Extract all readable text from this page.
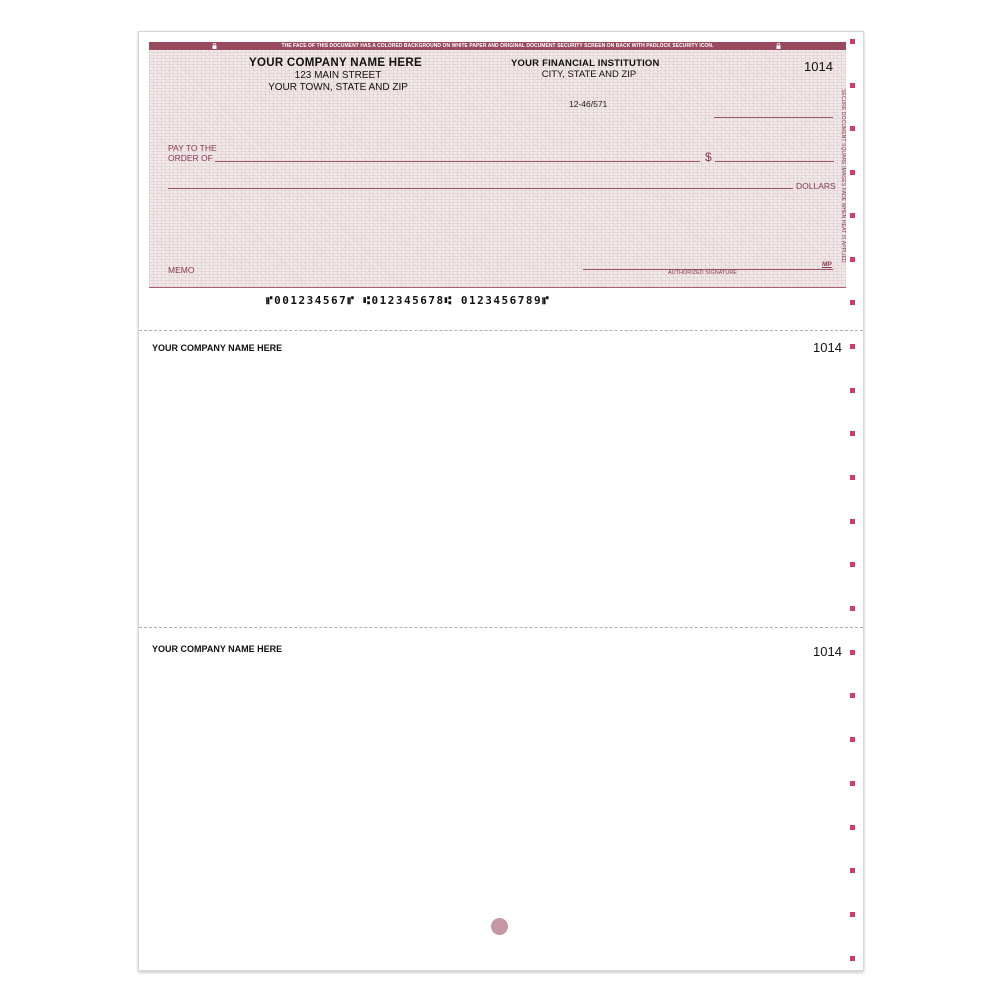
THE FACE OF THIS DOCUMENT HAS A COLORED BACKGROUND ON WHITE PAPER AND ORIGINAL DOCUMENT SECURITY SCREEN ON BACK WITH PADLOCK SECURITY ICON.
YOUR COMPANY NAME HERE
123 MAIN STREET
YOUR TOWN, STATE AND ZIP
YOUR FINANCIAL INSTITUTION
CITY, STATE AND ZIP
1014
12-46/571
PAY TO THE
ORDER OF	$
DOLLARS
MEMO
MP
AUTHORIZED SIGNATURE
SECURE DOCUMENT SQUARE IMAGES FADE WHEN HEAT IS APPLIED
⑈001234567⑈ ⑆012345678⑆ 0123456789⑈
YOUR COMPANY NAME HERE	1014
YOUR COMPANY NAME HERE	1014
